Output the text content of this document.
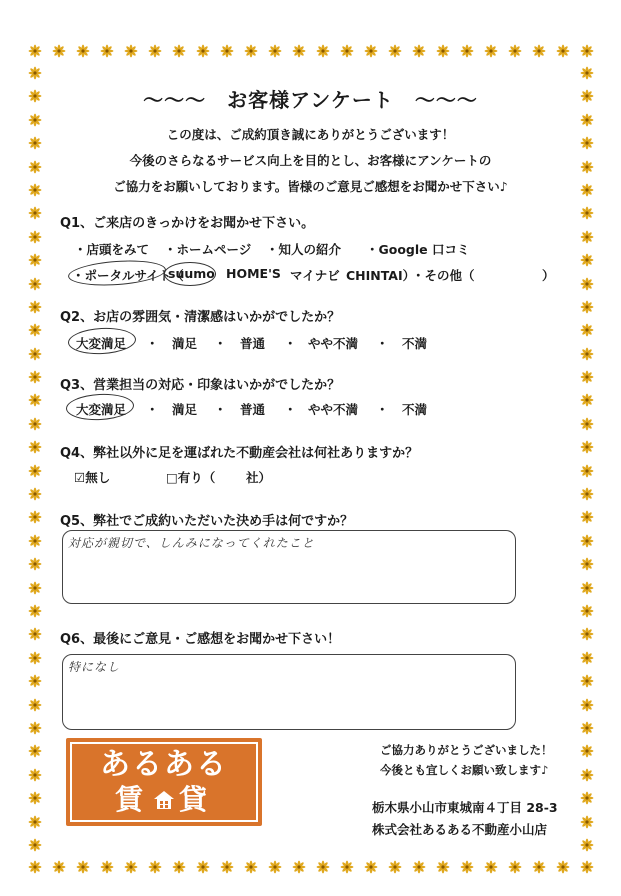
～～～　お客様アンケート　～～～
この度は、ご成約頂き誠にありがとうございます！
今後のさらなるサービス向上を目的とし、お客様にアンケートの
ご協力をお願いしております。皆様のご意見ご感想をお聞かせ下さい♪
Q1、ご来店のきっかけをお聞かせ下さい。
・店頭をみて ・ホームページ ・知人の紹介 ・Google 口コミ
・ポータルサイト（
suumo HOME'S マイナビ CHINTAI）
・その他（	）
Q2、お店の雰囲気・清潔感はいかがでしたか？
大変満足 ・ 満足 ・ 普通 ・ やや不満 ・ 不満
Q3、営業担当の対応・印象はいかがでしたか？
大変満足 ・ 満足 ・ 普通 ・ やや不満 ・ 不満
Q4、弊社以外に足を運ばれた不動産会社は何社ありますか？
☑無し	□有り（ 社）
Q5、弊社でご成約いただいた決め手は何ですか？
対応が親切で、しんみになってくれたこと
Q6、最後にご意見・ご感想をお聞かせ下さい！
特になし
あるある
賃 貸
ご協力ありがとうございました！
今後とも宜しくお願い致します♪
栃木県小山市東城南４丁目 28-3
株式会社あるある不動産小山店
